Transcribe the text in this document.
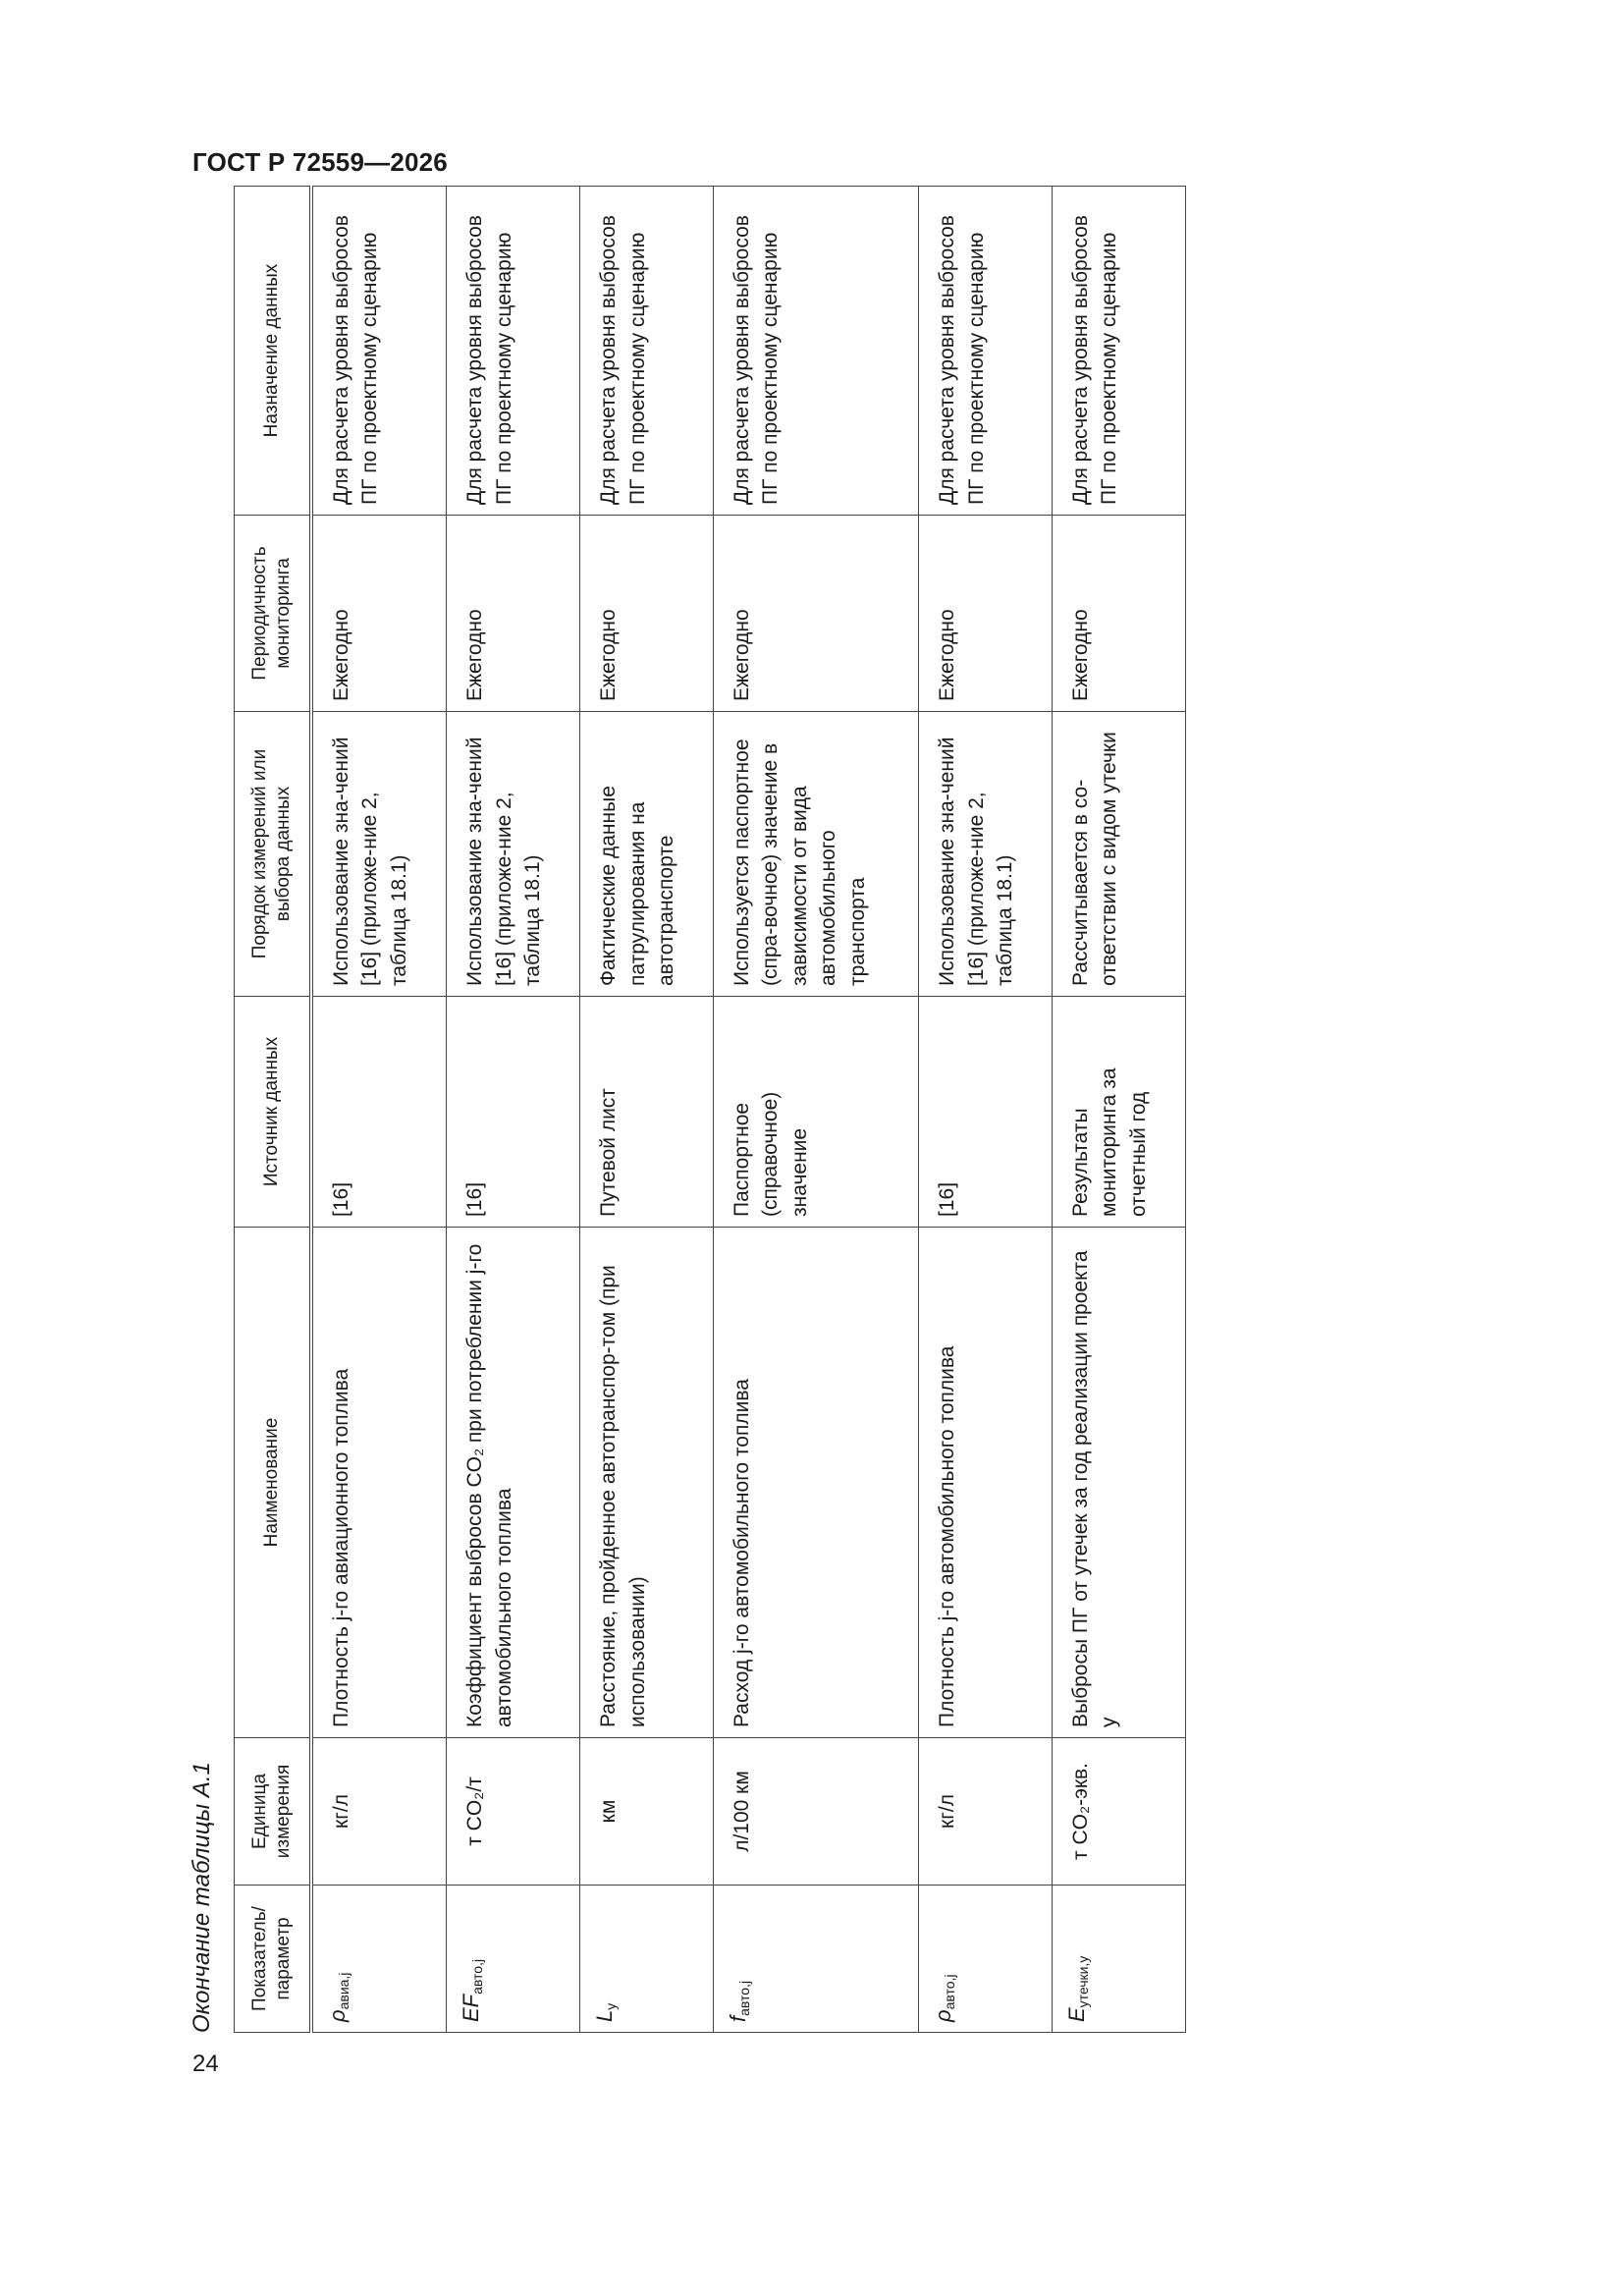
ГОСТ Р 72559—2026
Окончание таблицы А.1 Показатель/ параметр	Единица измерения	Наименование	Источник данных	Порядок измерений или выбора данных	Периодичность мониторинга	Назначение данных
$\rho_{авиа,j}$	кг/л	Плотность j-го авиационного топлива	[16]	Использование зна-чений [16] (приложе-ние 2, таблица 18.1)	Ежегодно	Для расчета уровня выбросов ПГ по проектному сценарию
$EF_{авто,j}$	т CO₂/т	Коэффициент выбросов CO₂ при потреблении j-го автомобильного топлива	[16]	Использование зна-чений [16] (приложе-ние 2, таблица 18.1)	Ежегодно	Для расчета уровня выбросов ПГ по проектному сценарию
$L_y$	км	Расстояние, пройденное автотранспор-том (при использовании)	Путевой лист	Фактические данные патрулирования на автотранспорте	Ежегодно	Для расчета уровня выбросов ПГ по проектному сценарию
$f_{авто,j}$	л/100 км	Расход j-го автомобильного топлива	Паспортное (справочное) значение	Используется паспортное (спра-вочное) значение в зависимости от вида автомобильного транспорта	Ежегодно	Для расчета уровня выбросов ПГ по проектному сценарию
$\rho_{авто,j}$	кг/л	Плотность j-го автомобильного топлива	[16]	Использование зна-чений [16] (приложе-ние 2, таблица 18.1)	Ежегодно	Для расчета уровня выбросов ПГ по проектному сценарию
$E_{утечки,y}$	т CO₂-экв.	Выбросы ПГ от утечек за год реализации проекта y	Результаты мониторинга за отчетный год	Рассчитывается в со-ответствии с видом утечки	Ежегодно	Для расчета уровня выбросов ПГ по проектному сценарию
24
